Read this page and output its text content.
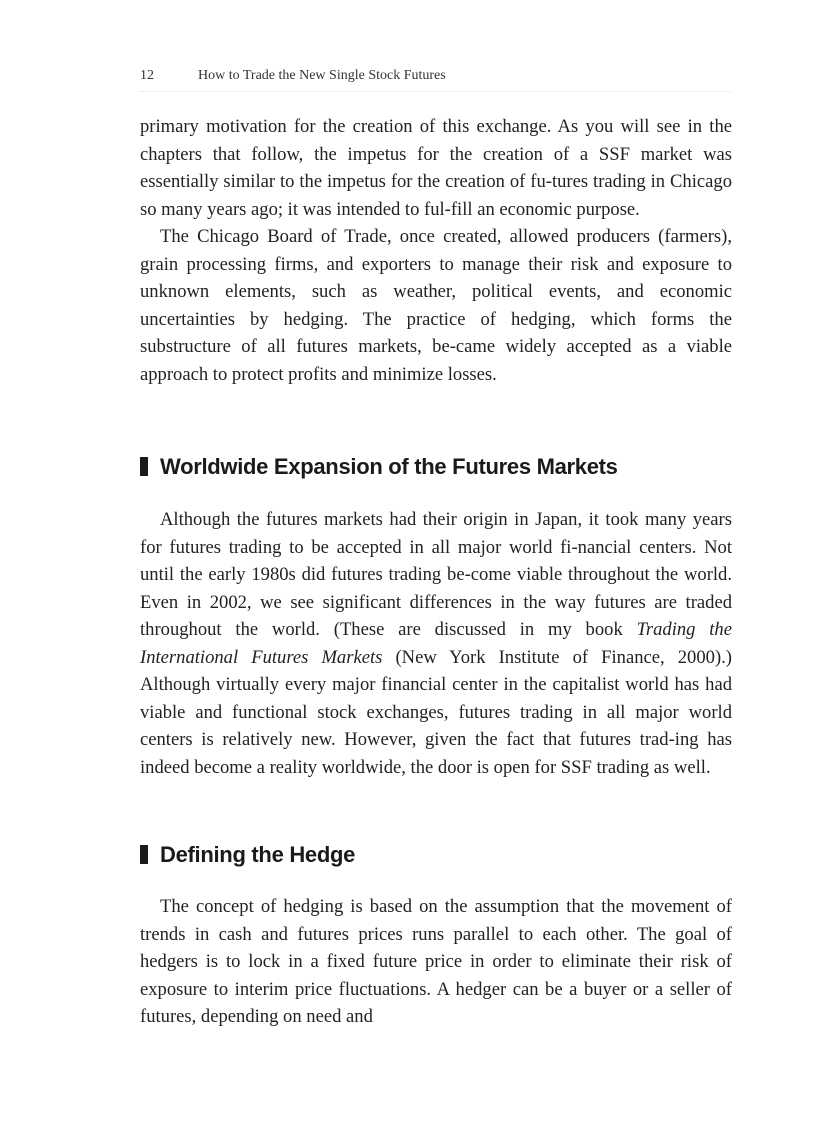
12	How to Trade the New Single Stock Futures

primary motivation for the creation of this exchange. As you will see in the chapters that follow, the impetus for the creation of a SSF market was essentially similar to the impetus for the creation of fu-tures trading in Chicago so many years ago; it was intended to ful-fill an economic purpose.

The Chicago Board of Trade, once created, allowed producers (farmers), grain processing firms, and exporters to manage their risk and exposure to unknown elements, such as weather, political events, and economic uncertainties by hedging. The practice of hedging, which forms the substructure of all futures markets, be-came widely accepted as a viable approach to protect profits and minimize losses.

Worldwide Expansion of the Futures Markets

Although the futures markets had their origin in Japan, it took many years for futures trading to be accepted in all major world fi-nancial centers. Not until the early 1980s did futures trading be-come viable throughout the world. Even in 2002, we see significant differences in the way futures are traded throughout the world. (These are discussed in my book Trading the International Futures Markets (New York Institute of Finance, 2000).) Although virtually every major financial center in the capitalist world has had viable and functional stock exchanges, futures trading in all major world centers is relatively new. However, given the fact that futures trad-ing has indeed become a reality worldwide, the door is open for SSF trading as well.

Defining the Hedge

The concept of hedging is based on the assumption that the movement of trends in cash and futures prices runs parallel to each other. The goal of hedgers is to lock in a fixed future price in order to eliminate their risk of exposure to interim price fluctuations. A hedger can be a buyer or a seller of futures, depending on need and
